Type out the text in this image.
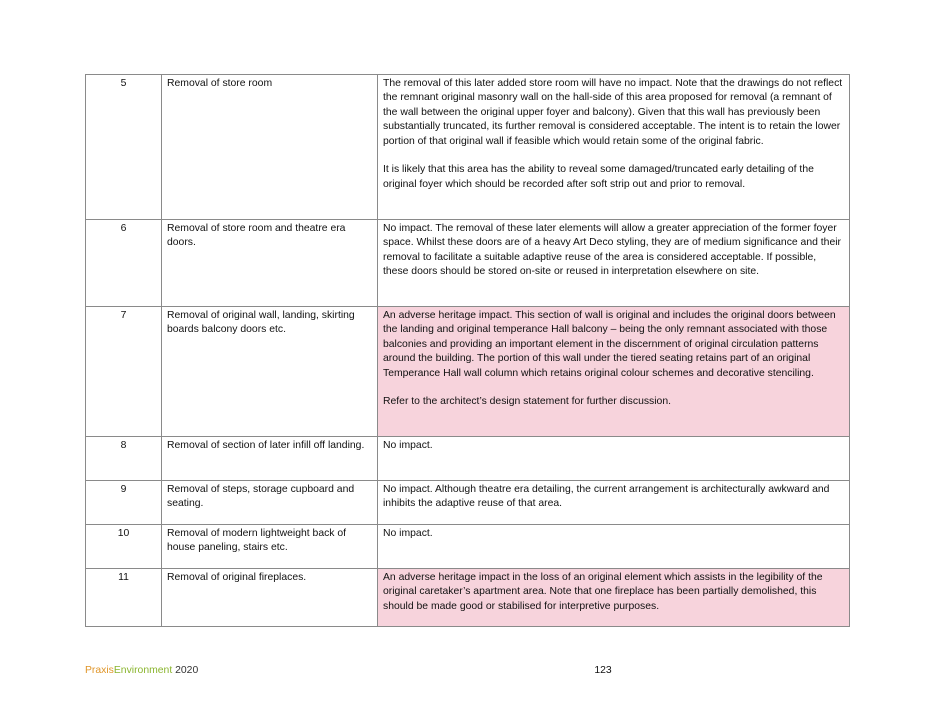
5	Removal of store room	The removal of this later added store room will have no impact. Note that the drawings do not reflect the remnant original masonry wall on the hall-side of this area proposed for removal (a remnant of the wall between the original upper foyer and balcony). Given that this wall has previously been substantially truncated, its further removal is considered acceptable. The intent is to retain the lower portion of that original wall if feasible which would retain some of the original fabric.

It is likely that this area has the ability to reveal some damaged/truncated early detailing of the original foyer which should be recorded after soft strip out and prior to removal.

6	Removal of store room and theatre era doors.	No impact. The removal of these later elements will allow a greater appreciation of the former foyer space. Whilst these doors are of a heavy Art Deco styling, they are of medium significance and their removal to facilitate a suitable adaptive reuse of the area is considered acceptable. If possible, these doors should be stored on-site or reused in interpretation elsewhere on site.

7	Removal of original wall, landing, skirting boards balcony doors etc.	An adverse heritage impact. This section of wall is original and includes the original doors between the landing and original temperance Hall balcony – being the only remnant associated with those balconies and providing an important element in the discernment of original circulation patterns around the building. The portion of this wall under the tiered seating retains part of an original Temperance Hall wall column which retains original colour schemes and decorative stenciling.

Refer to the architect’s design statement for further discussion.

8	Removal of section of later infill off landing.	No impact.

9	Removal of steps, storage cupboard and seating.	No impact. Although theatre era detailing, the current arrangement is architecturally awkward and inhibits the adaptive reuse of that area.

10	Removal of modern lightweight back of house paneling, stairs etc.	No impact.

11	Removal of original fireplaces.	An adverse heritage impact in the loss of an original element which assists in the legibility of the original caretaker’s apartment area. Note that one fireplace has been partially demolished, this should be made good or stabilised for interpretive purposes.

PraxisEnvironment 2020	123
